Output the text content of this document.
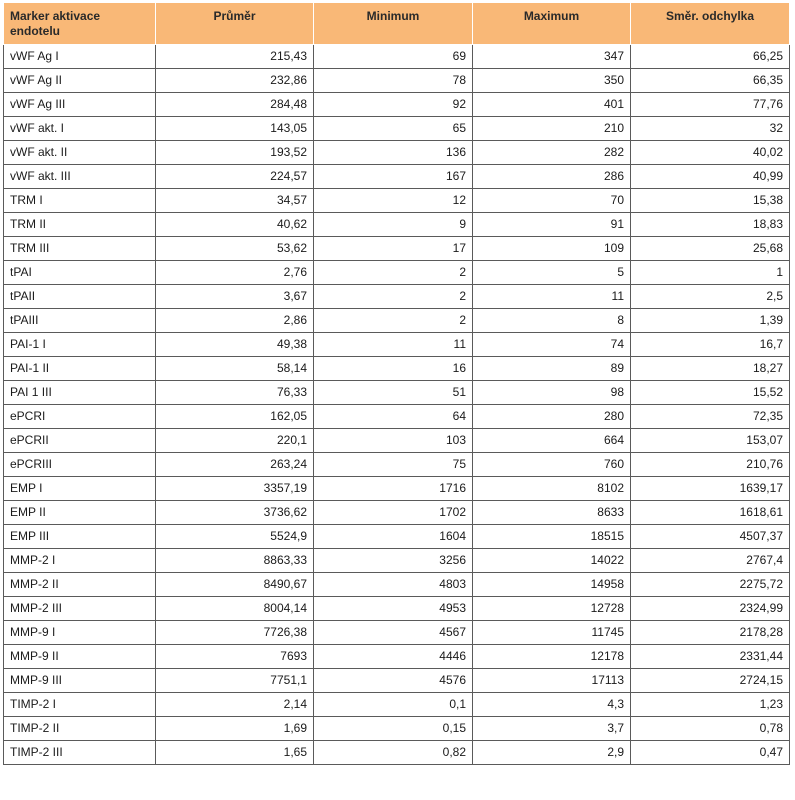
Marker aktivace endotelu	Průměr	Minimum	Maximum	Směr. odchylka
vWF Ag I	215,43	69	347	66,25
vWF Ag II	232,86	78	350	66,35
vWF Ag III	284,48	92	401	77,76
vWF akt. I	143,05	65	210	32
vWF akt. II	193,52	136	282	40,02
vWF akt. III	224,57	167	286	40,99
TRM I	34,57	12	70	15,38
TRM II	40,62	9	91	18,83
TRM III	53,62	17	109	25,68
tPAI	2,76	2	5	1
tPAII	3,67	2	11	2,5
tPAIII	2,86	2	8	1,39
PAI-1 I	49,38	11	74	16,7
PAI-1 II	58,14	16	89	18,27
PAI 1 III	76,33	51	98	15,52
ePCRI	162,05	64	280	72,35
ePCRII	220,1	103	664	153,07
ePCRIII	263,24	75	760	210,76
EMP I	3357,19	1716	8102	1639,17
EMP II	3736,62	1702	8633	1618,61
EMP III	5524,9	1604	18515	4507,37
MMP-2 I	8863,33	3256	14022	2767,4
MMP-2 II	8490,67	4803	14958	2275,72
MMP-2 III	8004,14	4953	12728	2324,99
MMP-9 I	7726,38	4567	11745	2178,28
MMP-9 II	7693	4446	12178	2331,44
MMP-9 III	7751,1	4576	17113	2724,15
TIMP-2 I	2,14	0,1	4,3	1,23
TIMP-2 II	1,69	0,15	3,7	0,78
TIMP-2 III	1,65	0,82	2,9	0,47
